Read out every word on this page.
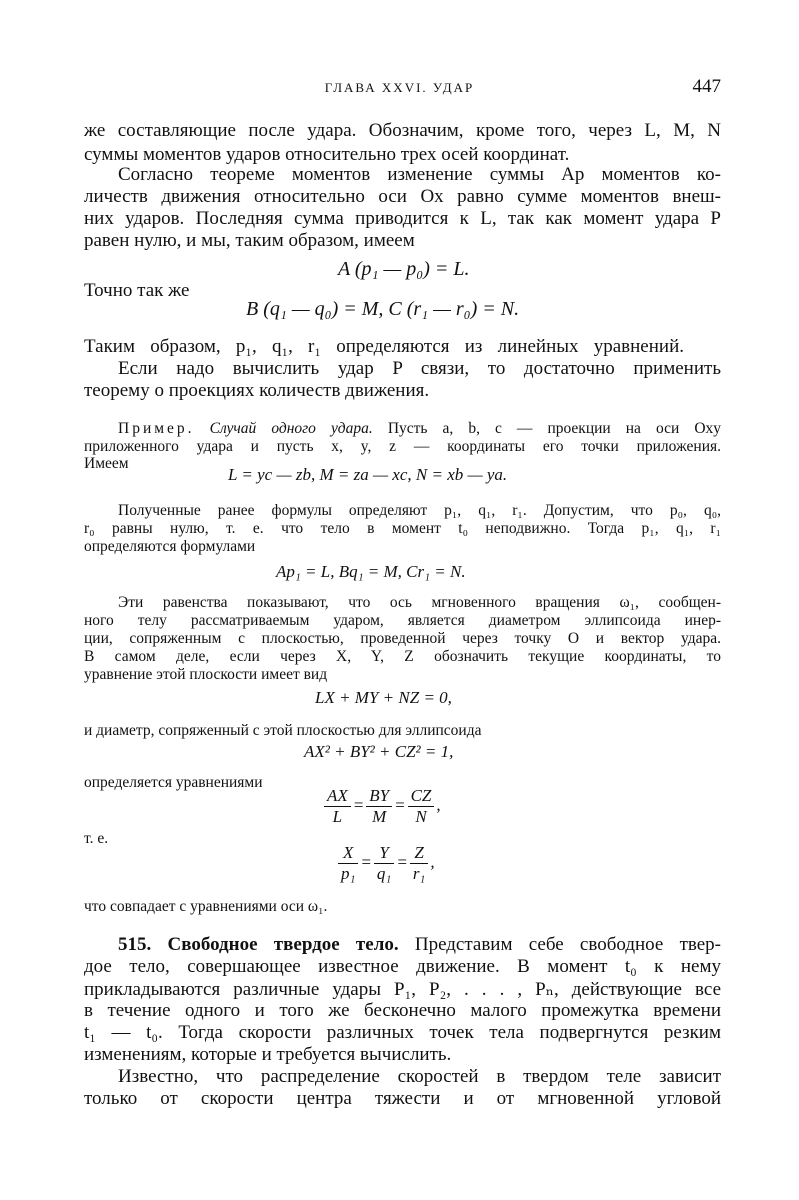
ГЛАВА XXVI. УДАР	447
же составляющие после удара. Обозначим, кроме того, через L, M, N
суммы моментов ударов относительно трех осей координат.
Согласно теореме моментов изменение суммы Ap моментов ко-
личеств движения относительно оси Ox равно сумме моментов внеш-
них ударов. Последняя сумма приводится к L, так как момент удара P
равен нулю, и мы, таким образом, имеем
A (p₁ — p₀) = L.
Точно так же
B (q₁ — q₀) = M, C (r₁ — r₀) = N.
Таким образом, p₁, q₁, r₁ определяются из линейных уравнений.
Если надо вычислить удар P связи, то достаточно применить
теорему о проекциях количеств движения.
Пример. Случай одного удара. Пусть a, b, c — проекции на оси Oxy
приложенного удара и пусть x, y, z — координаты его точки приложения.
Имеем
L = yc — zb, M = za — xc, N = xb — ya.
Полученные ранее формулы определяют p₁, q₁, r₁. Допустим, что p₀, q₀,
r₀ равны нулю, т. е. что тело в момент t₀ неподвижно. Тогда p₁, q₁, r₁
определяются формулами
Ap₁ = L, Bq₁ = M, Cr₁ = N.
Эти равенства показывают, что ось мгновенного вращения ω₁, сообщен-
ного телу рассматриваемым ударом, является диаметром эллипсоида инер-
ции, сопряженным с плоскостью, проведенной через точку O и вектор удара.
В самом деле, если через X, Y, Z обозначить текущие координаты, то
уравнение этой плоскости имеет вид
LX + MY + NZ = 0,
и диаметр, сопряженный с этой плоскостью для эллипсоида
AX² + BY² + CZ² = 1,
определяется уравнениями
$\frac{AX}{L} = \frac{BY}{M} = \frac{CZ}{N}$ ,
т. е.
$\frac{X}{\text{p₁}} = \frac{Y}{\text{q₁}} = \frac{Z}{\text{r₁}}$ ,
что совпадает с уравнениями оси ω₁.
515. Свободное твердое тело. Представим себе свободное твер-
дое тело, совершающее известное движение. В момент t₀ к нему
прикладываются различные удары P₁, P₂, . . . , Pₙ, действующие все
в течение одного и того же бесконечно малого промежутка времени
t₁ — t₀. Тогда скорости различных точек тела подвергнутся резким
изменениям, которые и требуется вычислить.
Известно, что распределение скоростей в твердом теле зависит
только от скорости центра тяжести и от мгновенной угловой
